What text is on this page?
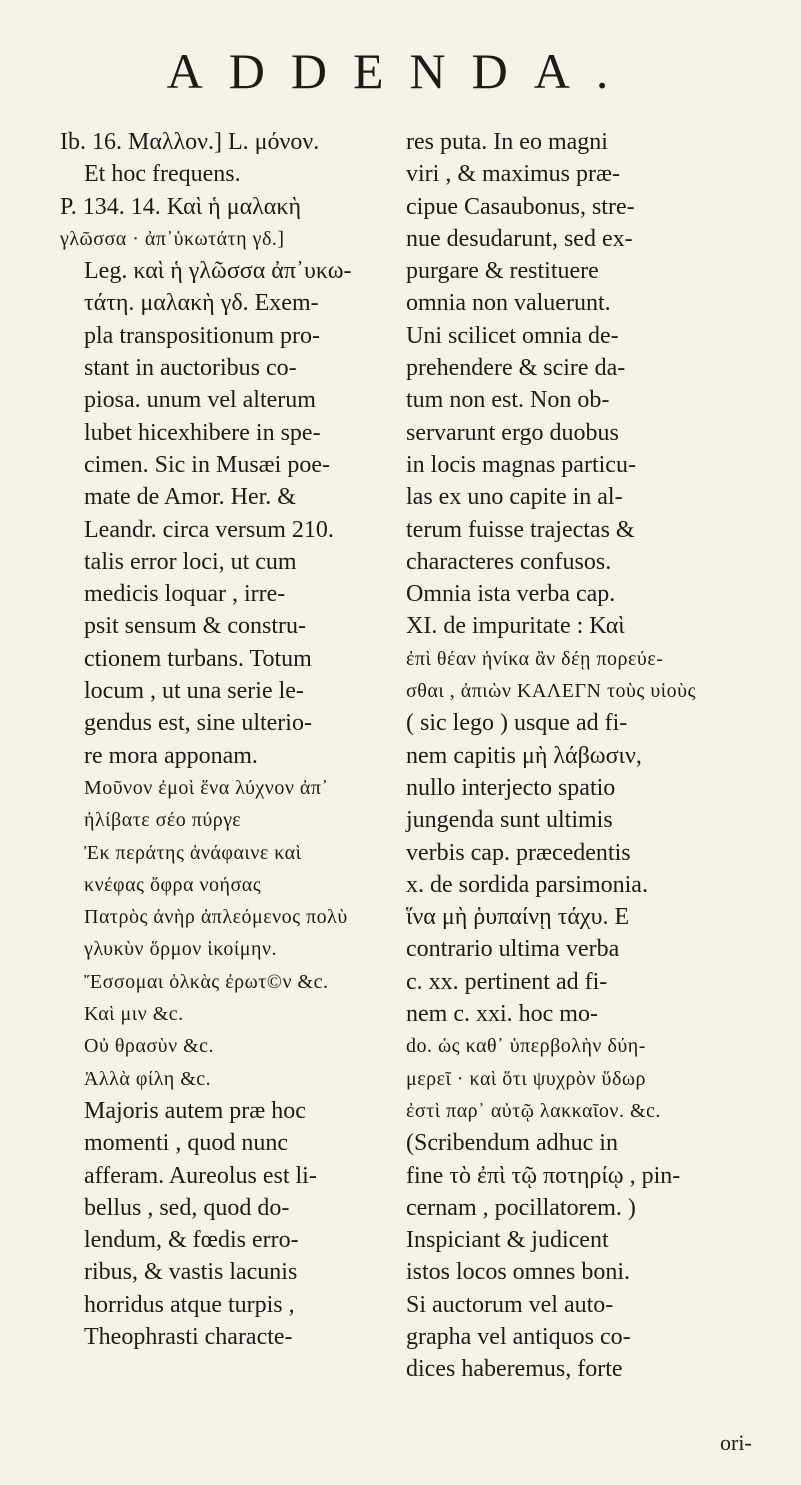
ADDENDA.
Ib. 16. Μαλλον.] L. μόνον.
Et hoc frequens.
P. 134. 14. Καὶ ἡ μαλακὴ
γλῶσσα · ἀπ᾽ὑκωτάτη γδ.]
Leg. καὶ ἡ γλῶσσα ἀπ᾽υκω-
τάτη. μαλακὴ γδ. Exem-
pla transpositionum pro-
stant in auctoribus co-
piosa. unum vel alterum
lubet hicexhibere in spe-
cimen. Sic in Musæi poe-
mate de Amor. Her. &
Leandr. circa versum 210.
talis error loci, ut cum
medicis loquar , irre-
psit sensum & constru-
ctionem turbans. Totum
locum , ut una serie le-
gendus est, sine ulterio-
re mora apponam.
Μοῦνον ἐμοὶ ἕνα λύχνον ἀπ᾽
ἠλίβατε σέο πύργε
Ἐκ περάτης ἀνάφαινε καὶ
κνέφας ὄφρα νοήσας
Πατρὸς ἀνὴρ ἀπλεόμενος πολὺ
γλυκὺν ὅρμον ἱκοίμην.
Ἔσσομαι ὁλκὰς ἐρωτ©ν &c.
Καὶ μιν &c.
Οὐ θρασὺν &c.
Ἀλλὰ φίλη &c.
Majoris autem præ hoc
momenti , quod nunc
afferam. Aureolus est li-
bellus , sed, quod do-
lendum, & fœdis erro-
ribus, & vastis lacunis
horridus atque turpis ,
Theophrasti characte-
res puta. In eo magni
viri , & maximus præ-
cipue Casaubonus, stre-
nue desudarunt, sed ex-
purgare & restituere
omnia non valuerunt.
Uni scilicet omnia de-
prehendere & scire da-
tum non est. Non ob-
servarunt ergo duobus
in locis magnas particu-
las ex uno capite in al-
terum fuisse trajectas &
characteres confusos.
Omnia ista verba cap.
XI. de impuritate : Καὶ
ἐπὶ θέαν ἡνίκα ἂν δέῃ πορεύε-
σθαι , ἀπιὼν ΚΑΛΕΓΝ τοὺς υἱοὺς
( sic lego ) usque ad fi-
nem capitis μὴ λάβωσιν,
nullo interjecto spatio
jungenda sunt ultimis
verbis cap. præcedentis
x. de sordida parsimonia.
ἵνα μὴ ῥυπαίνῃ τάχυ. E
contrario ultima verba
c. xx. pertinent ad fi-
nem c. xxi. hoc mo-
do. ὡς καθ᾽ ὑπερβολὴν δύη-
μερεῖ · καὶ ὅτι ψυχρὸν ὕδωρ
ἐστὶ παρ᾽ αὐτῷ λακκαῖον. &c.
(Scribendum adhuc in
fine τὸ ἐπὶ τῷ ποτηρίῳ , pin-
cernam , pocillatorem. )
Inspiciant & judicent
istos locos omnes boni.
Si auctorum vel auto-
grapha vel antiquos co-
dices haberemus, forte
ori-
